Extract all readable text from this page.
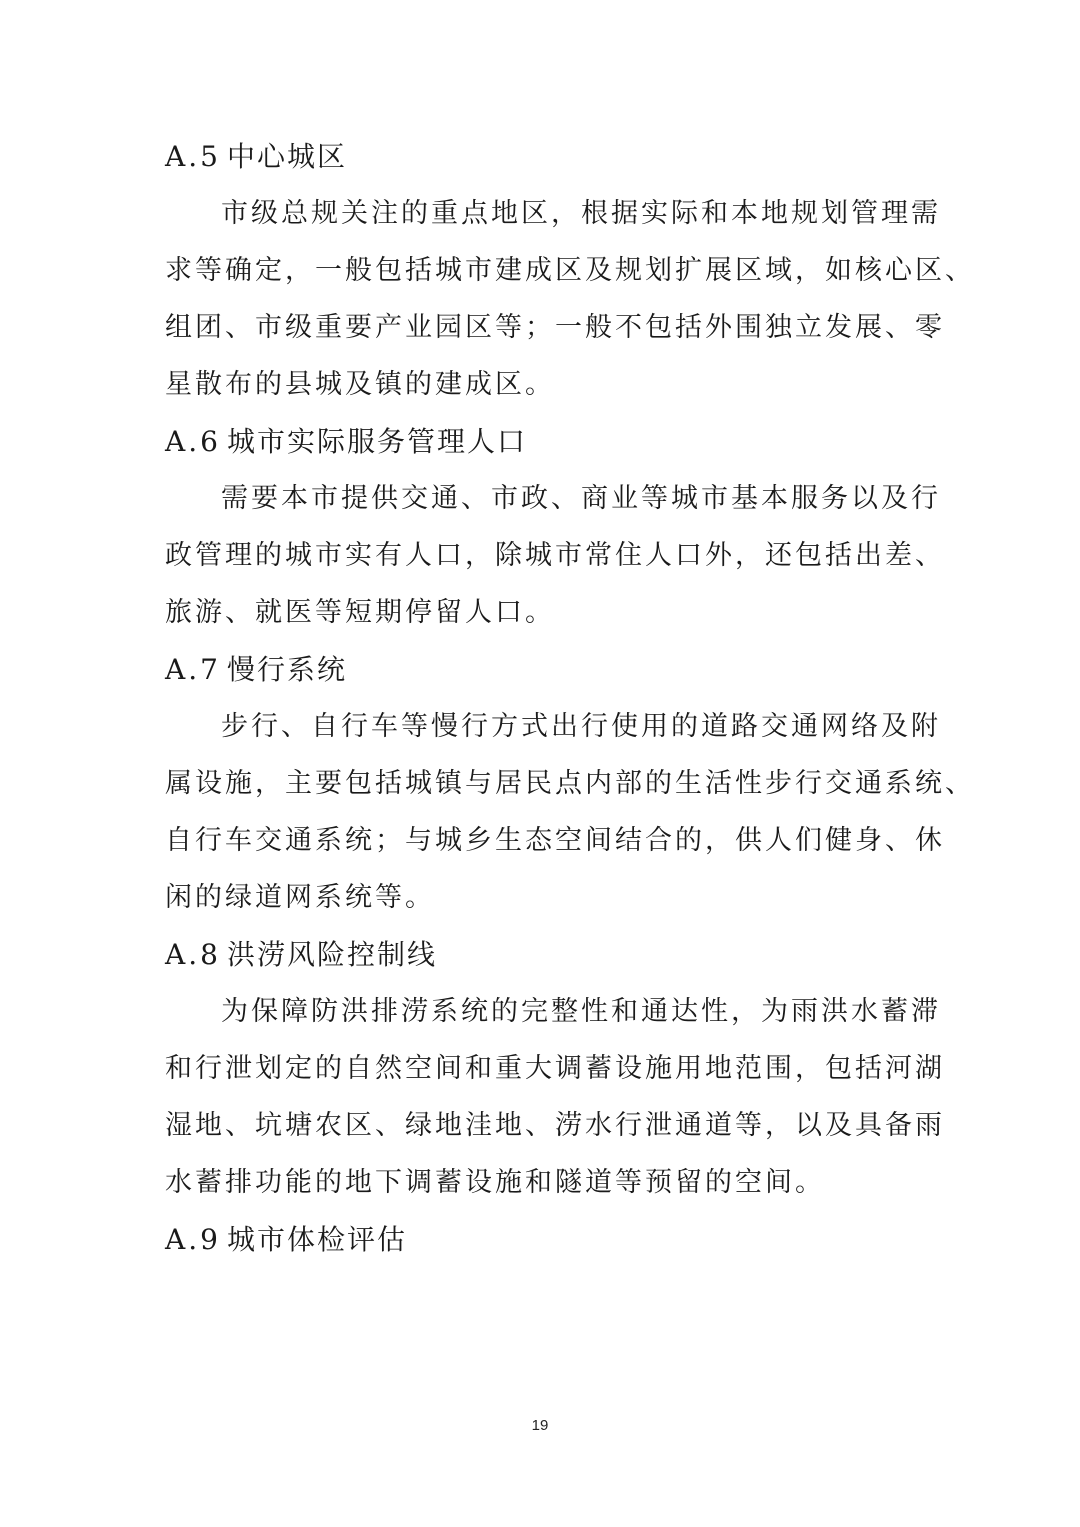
A.5 中心城区
市级总规关注的重点地区，根据实际和本地规划管理需
求等确定，一般包括城市建成区及规划扩展区域，如核心区、
组团、市级重要产业园区等；一般不包括外围独立发展、零
星散布的县城及镇的建成区。
A.6 城市实际服务管理人口
需要本市提供交通、市政、商业等城市基本服务以及行
政管理的城市实有人口，除城市常住人口外，还包括出差、
旅游、就医等短期停留人口。
A.7 慢行系统
步行、自行车等慢行方式出行使用的道路交通网络及附
属设施，主要包括城镇与居民点内部的生活性步行交通系统、
自行车交通系统；与城乡生态空间结合的，供人们健身、休
闲的绿道网系统等。
A.8 洪涝风险控制线
为保障防洪排涝系统的完整性和通达性，为雨洪水蓄滞
和行泄划定的自然空间和重大调蓄设施用地范围，包括河湖
湿地、坑塘农区、绿地洼地、涝水行泄通道等，以及具备雨
水蓄排功能的地下调蓄设施和隧道等预留的空间。
A.9 城市体检评估
19
